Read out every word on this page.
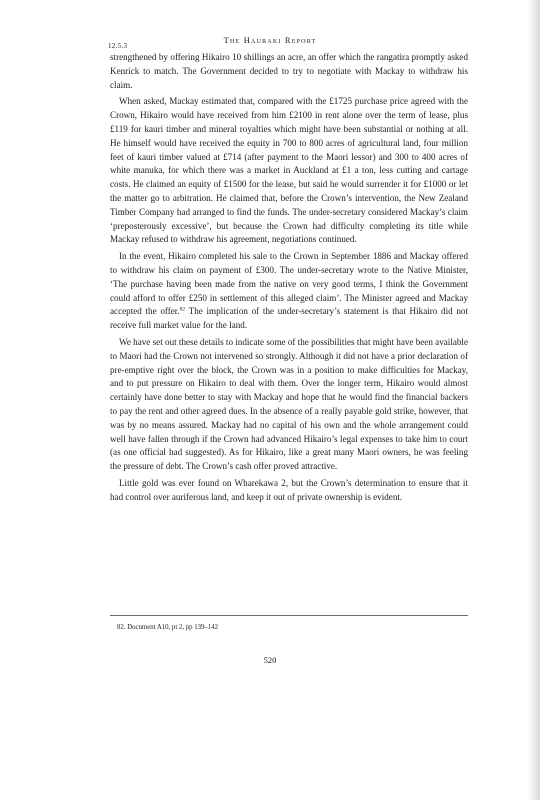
12.5.3
The Hauraki Report

strengthened by offering Hikairo 10 shillings an acre, an offer which the rangatira promptly asked Kenrick to match. The Government decided to try to negotiate with Mackay to withdraw his claim.

When asked, Mackay estimated that, compared with the £1725 purchase price agreed with the Crown, Hikairo would have received from him £2100 in rent alone over the term of lease, plus £119 for kauri timber and mineral royalties which might have been substantial or nothing at all. He himself would have received the equity in 700 to 800 acres of agricultural land, four million feet of kauri timber valued at £714 (after payment to the Maori lessor) and 300 to 400 acres of white manuka, for which there was a market in Auckland at £1 a ton, less cutting and cartage costs. He claimed an equity of £1500 for the lease, but said he would surrender it for £1000 or let the matter go to arbitration. He claimed that, before the Crown’s intervention, the New Zealand Timber Company had arranged to find the funds. The under-secretary considered Mackay’s claim ‘preposterously excessive’, but because the Crown had difficulty completing its title while Mackay refused to withdraw his agreement, negotiations continued.

In the event, Hikairo completed his sale to the Crown in September 1886 and Mackay offered to withdraw his claim on payment of £300. The under-secretary wrote to the Native Minister, ‘The purchase having been made from the native on very good terms, I think the Government could afford to offer £250 in settlement of this alleged claim’. The Minister agreed and Mackay accepted the offer.$^{82}$ The implication of the under-secretary’s statement is that Hikairo did not receive full market value for the land.

We have set out these details to indicate some of the possibilities that might have been available to Maori had the Crown not intervened so strongly. Although it did not have a prior declaration of pre-emptive right over the block, the Crown was in a position to make difficulties for Mackay, and to put pressure on Hikairo to deal with them. Over the longer term, Hikairo would almost certainly have done better to stay with Mackay and hope that he would find the financial backers to pay the rent and other agreed dues. In the absence of a really payable gold strike, however, that was by no means assured. Mackay had no capital of his own and the whole arrangement could well have fallen through if the Crown had advanced Hikairo’s legal expenses to take him to court (as one official had suggested). As for Hikairo, like a great many Maori owners, he was feeling the pressure of debt. The Crown’s cash offer proved attractive.

Little gold was ever found on Wharekawa 2, but the Crown’s determination to ensure that it had control over auriferous land, and keep it out of private ownership is evident.

82. Document A10, pt 2, pp 139–142
520
